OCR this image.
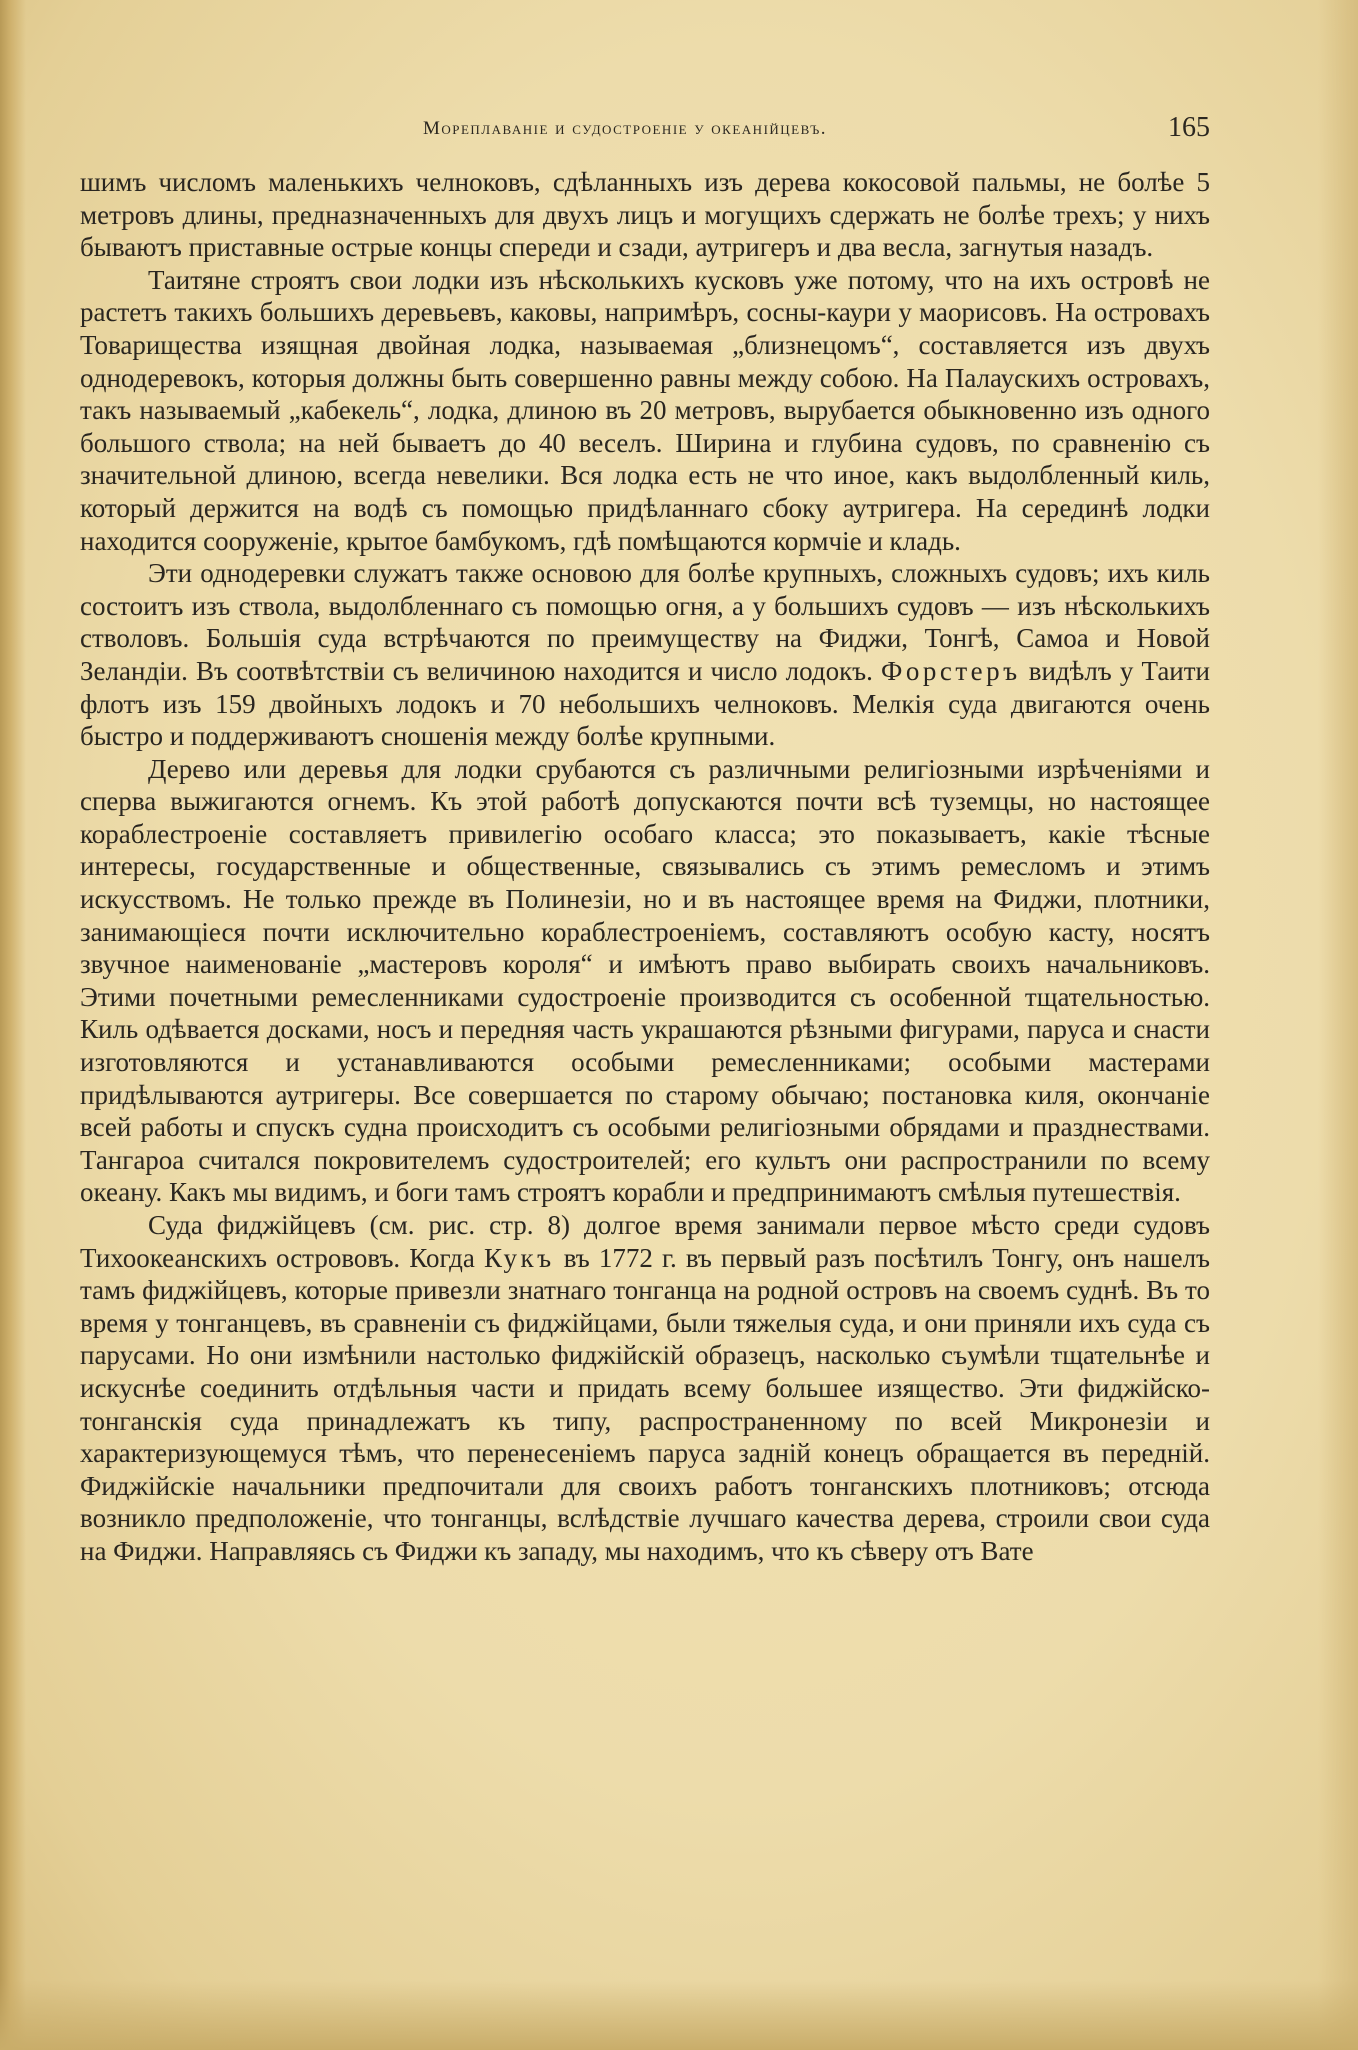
Мореплаваніе и судостроеніе у океанійцевъ.	165

шимъ числомъ маленькихъ челноковъ, сдѣланныхъ изъ дерева кокосовой пальмы, не болѣе 5 метровъ длины, предназначенныхъ для двухъ лицъ и могущихъ сдержать не болѣе трехъ; у нихъ бываютъ приставные острые концы спереди и сзади, аутригеръ и два весла, загнутыя назадъ.

Таитяне строятъ свои лодки изъ нѣсколькихъ кусковъ уже потому, что на ихъ островѣ не растетъ такихъ большихъ деревьевъ, каковы, напримѣръ, сосны-каури у маорисовъ. На островахъ Товарищества изящная двойная лодка, называемая „близнецомъ“, составляется изъ двухъ однодеревокъ, которыя должны быть совершенно равны между собою. На Палаускихъ островахъ, такъ называемый „кабекель“, лодка, длиною въ 20 метровъ, вырубается обыкновенно изъ одного большого ствола; на ней бываетъ до 40 веселъ. Ширина и глубина судовъ, по сравненію съ значительной длиною, всегда невелики. Вся лодка есть не что иное, какъ выдолбленный киль, который держится на водѣ съ помощью придѣланнаго сбоку аутригера. На серединѣ лодки находится сооруженіе, крытое бамбукомъ, гдѣ помѣщаются кормчіе и кладь.

Эти однодеревки служатъ также основою для болѣе крупныхъ, сложныхъ судовъ; ихъ киль состоитъ изъ ствола, выдолбленнаго съ помощью огня, а у большихъ судовъ — изъ нѣсколькихъ стволовъ. Большія суда встрѣчаются по преимуществу на Фиджи, Тонгѣ, Самоа и Новой Зеландіи. Въ соотвѣтствіи съ величиною находится и число лодокъ. Форстеръ видѣлъ у Таити флотъ изъ 159 двойныхъ лодокъ и 70 небольшихъ челноковъ. Мелкія суда двигаются очень быстро и поддерживаютъ сношенія между болѣе крупными.

Дерево или деревья для лодки срубаются съ различными религіозными изрѣченіями и сперва выжигаются огнемъ. Къ этой работѣ допускаются почти всѣ туземцы, но настоящее кораблестроеніе составляетъ привилегію особаго класса; это показываетъ, какіе тѣсные интересы, государственные и общественные, связывались съ этимъ ремесломъ и этимъ искусствомъ. Не только прежде въ Полинезіи, но и въ настоящее время на Фиджи, плотники, занимающіеся почти исключительно кораблестроеніемъ, составляютъ особую касту, носятъ звучное наименованіе „мастеровъ короля“ и имѣютъ право выбирать своихъ начальниковъ. Этими почетными ремесленниками судостроеніе производится съ особенной тщательностью. Киль одѣвается досками, носъ и передняя часть украшаются рѣзными фигурами, паруса и снасти изготовляются и устанавливаются особыми ремесленниками; особыми мастерами придѣлываются аутригеры. Все совершается по старому обычаю; постановка киля, окончаніе всей работы и спускъ судна происходитъ съ особыми религіозными обрядами и празднествами. Тангароа считался покровителемъ судостроителей; его культъ они распространили по всему океану. Какъ мы видимъ, и боги тамъ строятъ корабли и предпринимаютъ смѣлыя путешествія.

Суда фиджійцевъ (см. рис. стр. 8) долгое время занимали первое мѣсто среди судовъ Тихоокеанскихъ острововъ. Когда Кукъ въ 1772 г. въ первый разъ посѣтилъ Тонгу, онъ нашелъ тамъ фиджійцевъ, которые привезли знатнаго тонганца на родной островъ на своемъ суднѣ. Въ то время у тонганцевъ, въ сравненіи съ фиджійцами, были тяжелыя суда, и они приняли ихъ суда съ парусами. Но они измѣнили настолько фиджійскій образецъ, насколько съумѣли тщательнѣе и искуснѣе соединить отдѣльныя части и придать всему большее изящество. Эти фиджійско-тонганскія суда принадлежатъ къ типу, распространенному по всей Микронезіи и характеризующемуся тѣмъ, что перенесеніемъ паруса задній конецъ обращается въ передній. Фиджійскіе начальники предпочитали для своихъ работъ тонганскихъ плотниковъ; отсюда возникло предположеніе, что тонганцы, вслѣдствіе лучшаго качества дерева, строили свои суда на Фиджи. Направляясь съ Фиджи къ западу, мы находимъ, что къ сѣверу отъ Вате
